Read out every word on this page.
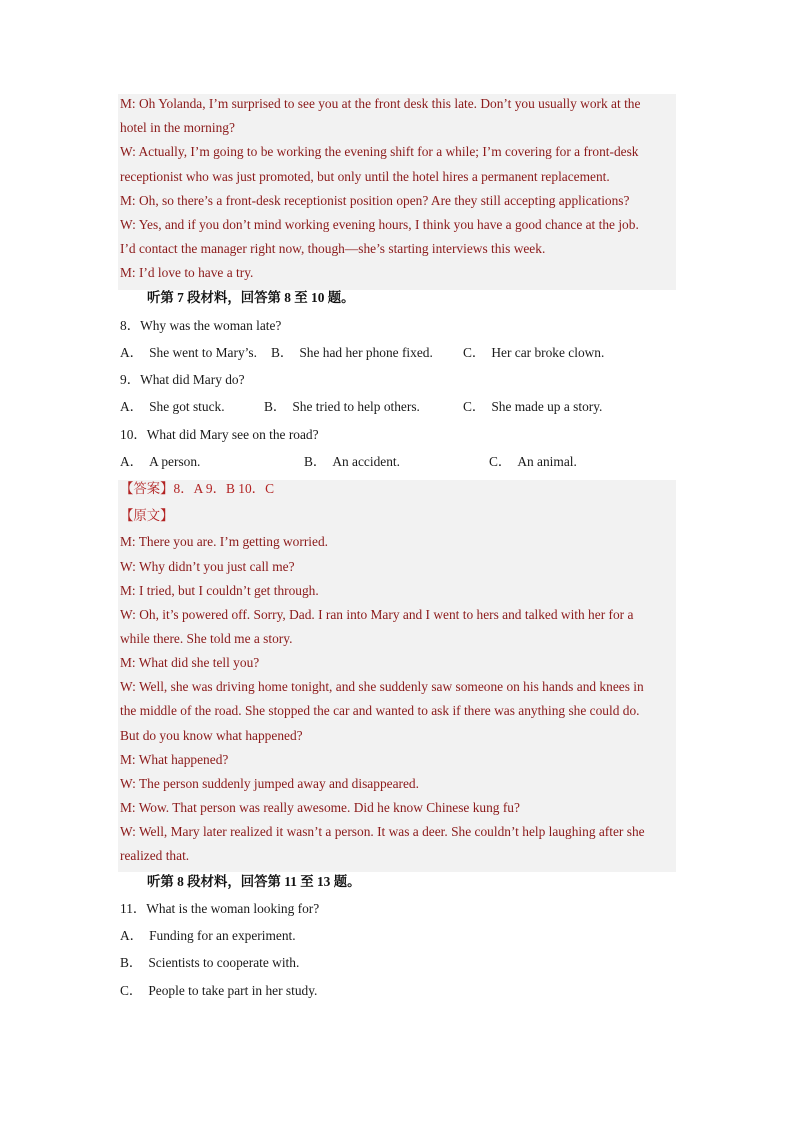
M: Oh Yolanda, I’m surprised to see you at the front desk this late. Don’t you usually work at the
hotel in the morning?
W: Actually, I’m going to be working the evening shift for a while; I’m covering for a front-desk
receptionist who was just promoted, but only until the hotel hires a permanent replacement.
M: Oh, so there’s a front-desk receptionist position open? Are they still accepting applications?
W: Yes, and if you don’t mind working evening hours, I think you have a good chance at the job.
I’d contact the manager right now, though—she’s starting interviews this week.
M: I’d love to have a try.
听第 7 段材料，回答第 8 至 10 题。
8．Why was the woman late?
A． She went to Mary’s. B． She had her phone fixed. C． Her car broke clown.
9．What did Mary do?
A． She got stuck.	B． She tried to help others.	C． She made up a story.
10．What did Mary see on the road?
A． A person.	B． An accident.	C． An animal.
【答案】8．A 9．B 10．C
【原文】
M: There you are. I’m getting worried.
W: Why didn’t you just call me?
M: I tried, but I couldn’t get through.
W: Oh, it’s powered off. Sorry, Dad. I ran into Mary and I went to hers and talked with her for a
while there. She told me a story.
M: What did she tell you?
W: Well, she was driving home tonight, and she suddenly saw someone on his hands and knees in
the middle of the road. She stopped the car and wanted to ask if there was anything she could do.
But do you know what happened?
M: What happened?
W: The person suddenly jumped away and disappeared.
M: Wow. That person was really awesome. Did he know Chinese kung fu?
W: Well, Mary later realized it wasn’t a person. It was a deer. She couldn’t help laughing after she
realized that.
听第 8 段材料，回答第 11 至 13 题。
11．What is the woman looking for?
A． Funding for an experiment.
B． Scientists to cooperate with.
C． People to take part in her study.
